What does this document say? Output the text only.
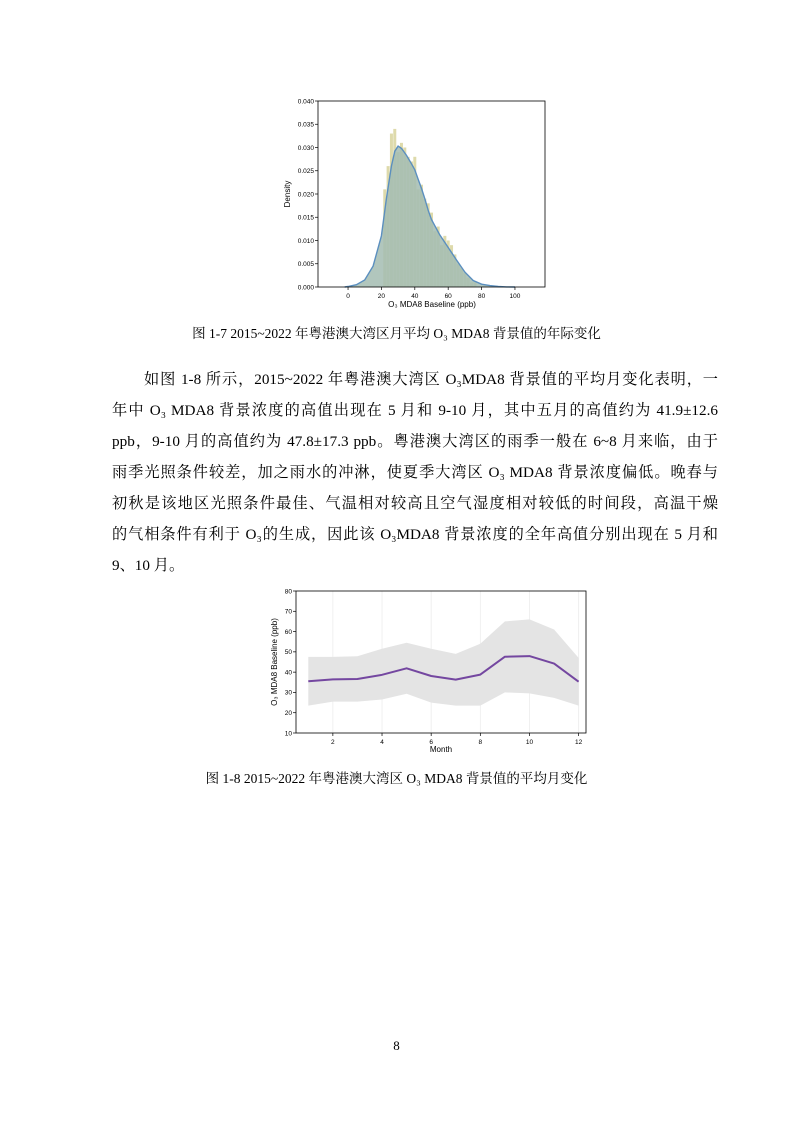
0	20	40	60	80	100
0.000
0.005
0.010
0.015
0.020
0.025
0.030
0.035
0.040
O₃ MDA8 Baseline (ppb)
Density
图 1-7 2015~2022 年粤港澳大湾区月平均 O₃ MDA8 背景值的年际变化
如图 1-8 所示，2015~2022 年粤港澳大湾区 O₃MDA8 背景值的平均月变化表明，一
年中 O₃ MDA8 背景浓度的高值出现在 5 月和 9-10 月，其中五月的高值约为 41.9±12.6
ppb，9-10 月的高值约为 47.8±17.3 ppb。粤港澳大湾区的雨季一般在 6~8 月来临，由于
雨季光照条件较差，加之雨水的冲淋，使夏季大湾区 O₃ MDA8 背景浓度偏低。晚春与
初秋是该地区光照条件最佳、气温相对较高且空气湿度相对较低的时间段，高温干燥
的气相条件有利于 O₃的生成，因此该 O₃MDA8 背景浓度的全年高值分别出现在 5 月和
9、10 月。
2	4	6	8	10	12
10
20
30
40
50
60
70
80
Month
O₃ MDA8 Baseline (ppb)
图 1-8 2015~2022 年粤港澳大湾区 O₃ MDA8 背景值的平均月变化
8
